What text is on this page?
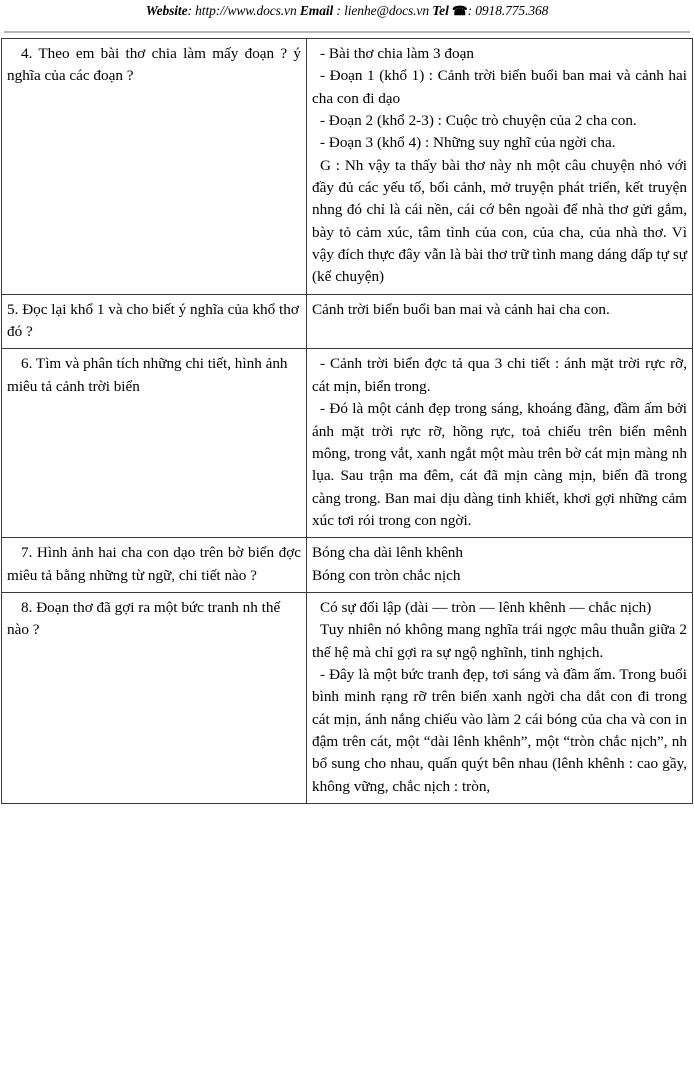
Website: http://www.docs.vn Email : lienhe@docs.vn Tel ☎: 0918.775.368

4. Theo em bài thơ chia làm mấy đoạn ? ý nghĩa của các đoạn ?	- Bài thơ chia làm 3 đoạn

- Đoạn 1 (khổ 1) : Cảnh trời biển buổi ban mai và cảnh hai cha con đi dạo

- Đoạn 2 (khổ 2-3) : Cuộc trò chuyện của 2 cha con.

- Đoạn 3 (khổ 4) : Những suy nghĩ của ngời cha.

G : Nh vậy ta thấy bài thơ này nh một câu chuyện nhỏ với đầy đủ các yếu tố, bối cảnh, mở truyện phát triển, kết truyện nhng đó chỉ là cái nền, cái cớ bên ngoài để nhà thơ gửi gắm, bày tỏ cảm xúc, tâm tình của con, của cha, của nhà thơ. Vì vậy đích thực đây vẫn là bài thơ trữ tình mang dáng dấp tự sự (kể chuyện)

5. Đọc lại khổ 1 và cho biết ý nghĩa của khổ thơ đó ?	Cảnh trời biển buổi ban mai và cảnh hai cha con.

6. Tìm và phân tích những chi tiết, hình ảnh miêu tả cảnh trời biển	- Cảnh trời biển đợc tả qua 3 chi tiết : ánh mặt trời rực rỡ, cát mịn, biển trong.

- Đó là một cảnh đẹp trong sáng, khoáng đãng, đầm ấm bởi ánh mặt trời rực rỡ, hồng rực, toả chiếu trên biển mênh mông, trong vắt, xanh ngắt một màu trên bờ cát mịn màng nh lụa. Sau trận ma đêm, cát đã mịn càng mịn, biển đã trong càng trong. Ban mai dịu dàng tinh khiết, khơi gợi những cảm xúc tơi rói trong con ngời.

7. Hình ảnh hai cha con dạo trên bờ biển đợc miêu tả bằng những từ ngữ, chi tiết nào ?	Bóng cha dài lênh khênh

Bóng con tròn chắc nịch

8. Đoạn thơ đã gợi ra một bức tranh nh thế nào ?	Có sự đối lập (dài — tròn — lênh khênh — chắc nịch)

Tuy nhiên nó không mang nghĩa trái ngợc mâu thuẫn giữa 2 thế hệ mà chỉ gợi ra sự ngộ nghĩnh, tinh nghịch.

- Đây là một bức tranh đẹp, tơi sáng và đầm ấm. Trong buổi bình minh rạng rỡ trên biển xanh ngời cha dắt con đi trong cát mịn, ánh nắng chiếu vào làm 2 cái bóng của cha và con in đậm trên cát, một “dài lênh khênh”, một “tròn chắc nịch”, nh bổ sung cho nhau, quấn quýt bên nhau (lênh khênh : cao gầy, không vững, chắc nịch : tròn,
